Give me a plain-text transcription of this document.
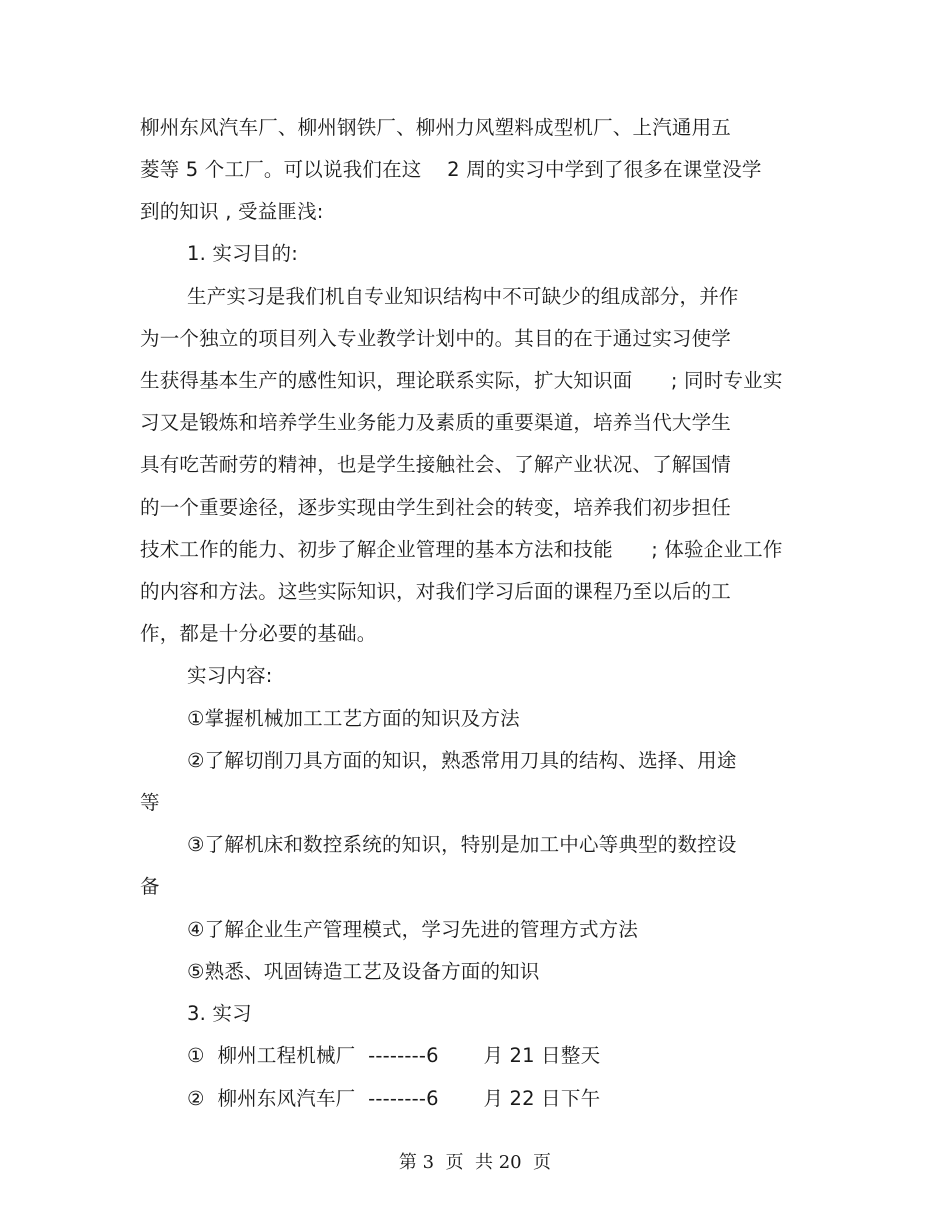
柳州东风汽车厂、柳州钢铁厂、柳州力风塑料成型机厂、上汽通用五
菱等 5 个工厂。可以说我们在这    2 周的实习中学到了很多在课堂没学
到的知识 , 受益匪浅:
1. 实习目的:
生产实习是我们机自专业知识结构中不可缺少的组成部分，并作
为一个独立的项目列入专业教学计划中的。其目的在于通过实习使学
生获得基本生产的感性知识，理论联系实际，扩大知识面      ; 同时专业实
习又是锻炼和培养学生业务能力及素质的重要渠道，培养当代大学生
具有吃苦耐劳的精神，也是学生接触社会、了解产业状况、了解国情
的一个重要途径，逐步实现由学生到社会的转变，培养我们初步担任
技术工作的能力、初步了解企业管理的基本方法和技能      ; 体验企业工作
的内容和方法。这些实际知识，对我们学习后面的课程乃至以后的工
作，都是十分必要的基础。
实习内容:
①掌握机械加工工艺方面的知识及方法
②了解切削刀具方面的知识，熟悉常用刀具的结构、选择、用途
等
③了解机床和数控系统的知识，特别是加工中心等典型的数控设
备
④了解企业生产管理模式，学习先进的管理方式方法
⑤熟悉、巩固铸造工艺及设备方面的知识
3. 实习
①  柳州工程机械厂  --------6       月 21 日整天
②  柳州东风汽车厂  --------6       月 22 日下午
第 3  页  共 20  页
